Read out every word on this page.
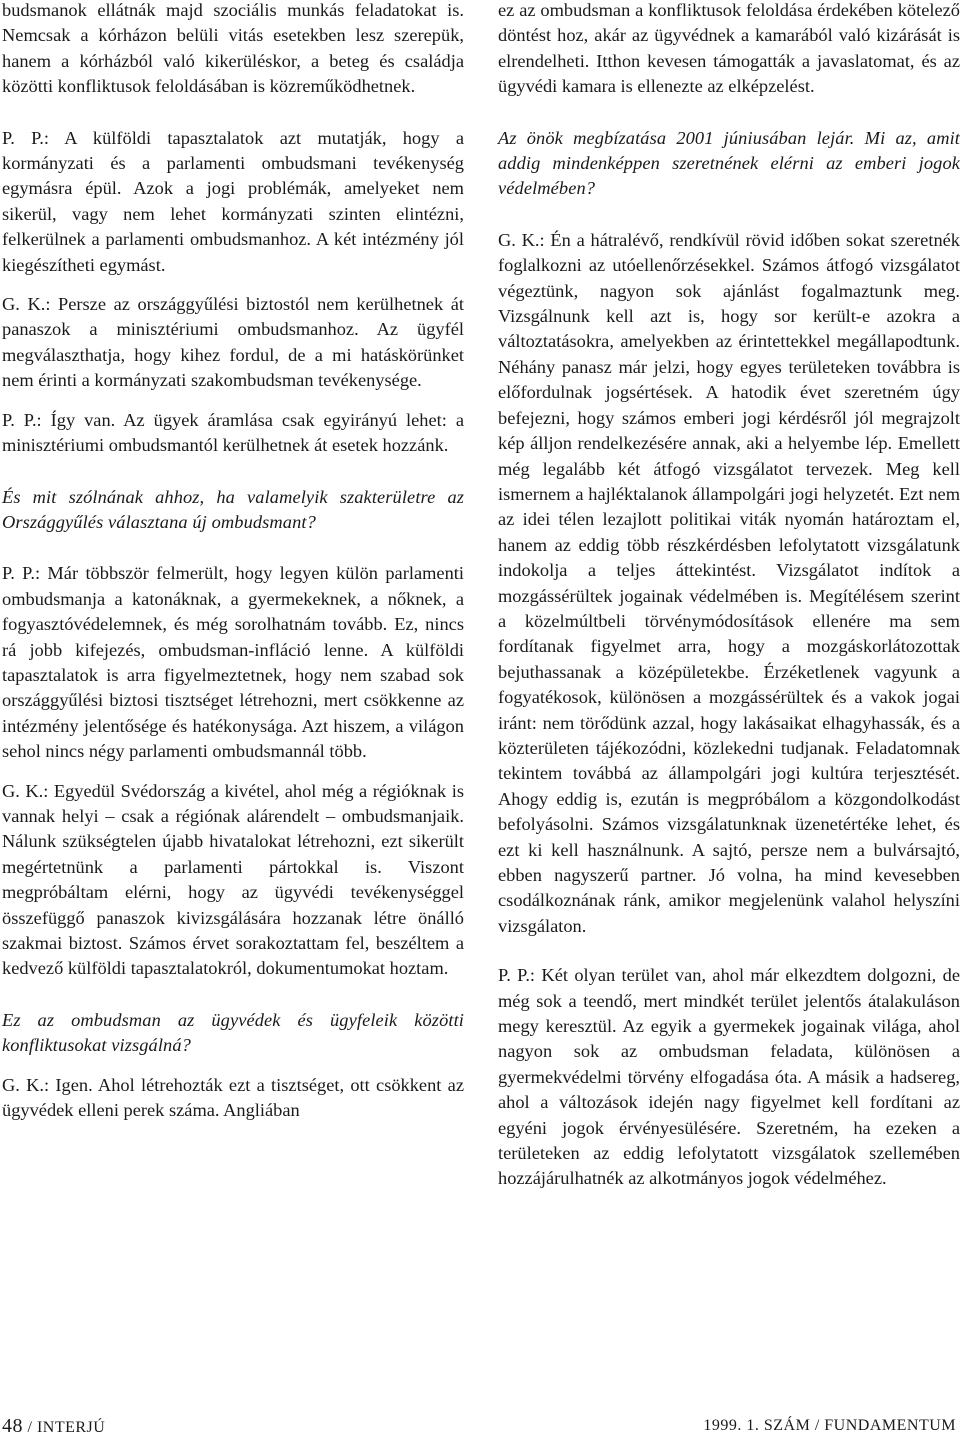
budsmanok ellátnák majd szociális munkás feladatokat is. Nemcsak a kórházon belüli vitás esetekben lesz szerepük, hanem a kórházból való kikerüléskor, a beteg és családja közötti konfliktusok feloldásában is közreműködhetnek.

P. P.: A külföldi tapasztalatok azt mutatják, hogy a kormányzati és a parlamenti ombudsmani tevékenység egymásra épül. Azok a jogi problémák, amelyeket nem sikerül, vagy nem lehet kormányzati szinten elintézni, felkerülnek a parlamenti ombudsmanhoz. A két intézmény jól kiegészítheti egymást.

G. K.: Persze az országgyűlési biztostól nem kerülhetnek át panaszok a minisztériumi ombudsmanhoz. Az ügyfél megválaszthatja, hogy kihez fordul, de a mi hatáskörünket nem érinti a kormányzati szakombudsman tevékenysége.

P. P.: Így van. Az ügyek áramlása csak egyirányú lehet: a minisztériumi ombudsmantól kerülhetnek át esetek hozzánk.

És mit szólnának ahhoz, ha valamelyik szakterületre az Országgyűlés választana új ombudsmant?

P. P.: Már többször felmerült, hogy legyen külön parlamenti ombudsmanja a katonáknak, a gyermekeknek, a nőknek, a fogyasztóvédelemnek, és még sorolhatnám tovább. Ez, nincs rá jobb kifejezés, ombudsman-infláció lenne. A külföldi tapasztalatok is arra figyelmeztetnek, hogy nem szabad sok országgyűlési biztosi tisztséget létrehozni, mert csökkenne az intézmény jelentősége és hatékonysága. Azt hiszem, a világon sehol nincs négy parlamenti ombudsmannál több.

G. K.: Egyedül Svédország a kivétel, ahol még a régióknak is vannak helyi – csak a régiónak alárendelt – ombudsmanjaik. Nálunk szükségtelen újabb hivatalokat létrehozni, ezt sikerült megértetnünk a parlamenti pártokkal is. Viszont megpróbáltam elérni, hogy az ügyvédi tevékenységgel összefüggő panaszok kivizsgálására hozzanak létre önálló szakmai biztost. Számos érvet sorakoztattam fel, beszéltem a kedvező külföldi tapasztalatokról, dokumentumokat hoztam.

Ez az ombudsman az ügyvédek és ügyfeleik közötti konfliktusokat vizsgálná?

G. K.: Igen. Ahol létrehozták ezt a tisztséget, ott csökkent az ügyvédek elleni perek száma. Angliában

ez az ombudsman a konfliktusok feloldása érdekében kötelező döntést hoz, akár az ügyvédnek a kamarából való kizárását is elrendelheti. Itthon kevesen támogatták a javaslatomat, és az ügyvédi kamara is ellenezte az elképzelést.

Az önök megbízatása 2001 júniusában lejár. Mi az, amit addig mindenképpen szeretnének elérni az emberi jogok védelmében?

G. K.: Én a hátralévő, rendkívül rövid időben sokat szeretnék foglalkozni az utóellenőrzésekkel. Számos átfogó vizsgálatot végeztünk, nagyon sok ajánlást fogalmaztunk meg. Vizsgálnunk kell azt is, hogy sor került-e azokra a változtatásokra, amelyekben az érintettekkel megállapodtunk. Néhány panasz már jelzi, hogy egyes területeken továbbra is előfordulnak jogsértések. A hatodik évet szeretném úgy befejezni, hogy számos emberi jogi kérdésről jól megrajzolt kép álljon rendelkezésére annak, aki a helyembe lép. Emellett még legalább két átfogó vizsgálatot tervezek. Meg kell ismernem a hajléktalanok állampolgári jogi helyzetét. Ezt nem az idei télen lezajlott politikai viták nyomán határoztam el, hanem az eddig több részkérdésben lefolytatott vizsgálatunk indokolja a teljes áttekintést. Vizsgálatot indítok a mozgássérültek jogainak védelmében is. Megítélésem szerint a közelmúltbeli törvénymódosítások ellenére ma sem fordítanak figyelmet arra, hogy a mozgáskorlátozottak bejuthassanak a középületekbe. Érzéketlenek vagyunk a fogyatékosok, különösen a mozgássérültek és a vakok jogai iránt: nem törődünk azzal, hogy lakásaikat elhagyhassák, és a közterületen tájékozódni, közlekedni tudjanak. Feladatomnak tekintem továbbá az állampolgári jogi kultúra terjesztését. Ahogy eddig is, ezután is megpróbálom a közgondolkodást befolyásolni. Számos vizsgálatunknak üzenetértéke lehet, és ezt ki kell használnunk. A sajtó, persze nem a bulvársajtó, ebben nagyszerű partner. Jó volna, ha mind kevesebben csodálkoznának ránk, amikor megjelenünk valahol helyszíni vizsgálaton.

P. P.: Két olyan terület van, ahol már elkezdtem dolgozni, de még sok a teendő, mert mindkét terület jelentős átalakuláson megy keresztül. Az egyik a gyermekek jogainak világa, ahol nagyon sok az ombudsman feladata, különösen a gyermekvédelmi törvény elfogadása óta. A másik a hadsereg, ahol a változások idején nagy figyelmet kell fordítani az egyéni jogok érvényesülésére. Szeretném, ha ezeken a területeken az eddig lefolytatott vizsgálatok szellemében hozzájárulhatnék az alkotmányos jogok védelméhez.

48 / INTERJÚ	1999. 1. SZÁM / FUNDAMENTUM
